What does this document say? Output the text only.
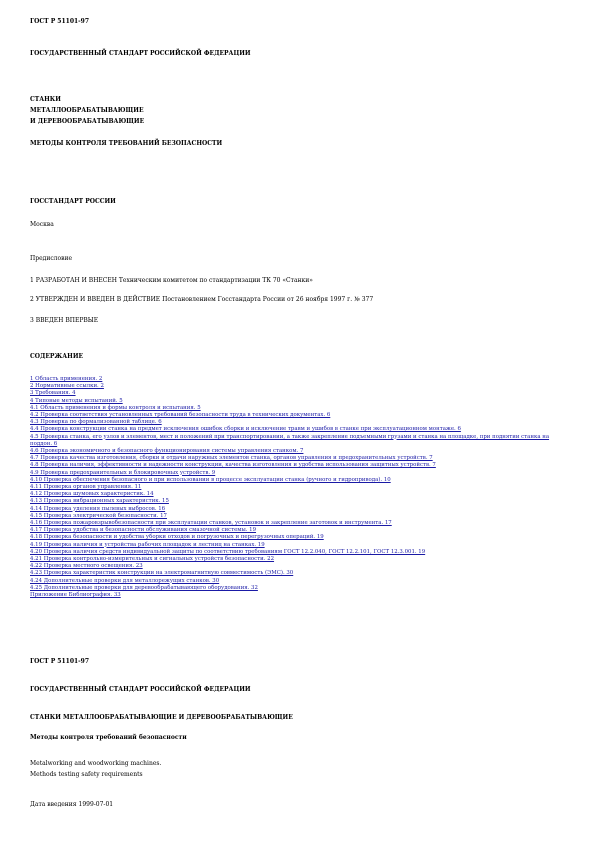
ГОСТ Р 51101-97

ГОСУДАРСТВЕННЫЙ СТАНДАРТ РОССИЙСКОЙ ФЕДЕРАЦИИ

СТАНКИ

МЕТАЛЛООБРАБАТЫВАЮЩИЕ

И ДЕРЕВООБРАБАТЫВАЮЩИЕ

МЕТОДЫ КОНТРОЛЯ ТРЕБОВАНИЙ БЕЗОПАСНОСТИ

ГОССТАНДАРТ РОССИИ

Москва

Предисловие

1 РАЗРАБОТАН И ВНЕСЕН Техническим комитетом по стандартизации ТК 70 «Станки»

2 УТВЕРЖДЕН И ВВЕДЕН В ДЕЙСТВИЕ Постановлением Госстандарта России от 26 ноября 1997 г. № 377

3 ВВЕДЕН ВПЕРВЫЕ

СОДЕРЖАНИЕ

1 Область применения. 2
2 Нормативные ссылки. 2
3 Требования. 4
4 Типовые методы испытаний. 5
4.1 Область применения и формы контроля и испытания. 5
4.2 Проверка соответствия установленных требований безопасности труда в технических документах. 6
4.3 Проверка по формализованной таблице. 6
4.4 Проверка конструкции станка на предмет исключения ошибок сборки и исключение травм и ушибов в станке при эксплуатационном монтаже. 6
4.5 Проверка станка, его узлов и элементов, мест и положений при транспортировании, а также закрепление подъемными грузами и станка на площадке, при поднятии станка на поддон. 6
4.6 Проверка экономичного и безопасного функционирования системы управления станком. 7
4.7 Проверка качества изготовления, сборки и отдачи наружных элементов станка, органов управления и предохранительных устройств. 7
4.8 Проверка наличия, эффективности и надежности конструкции, качества изготовления и удобства использования защитных устройств. 7
4.9 Проверка предохранительных и блокировочных устройств. 9
4.10 Проверка обеспечения безопасного и при использовании в процессе эксплуатации станка (ручного и гидропривода). 10
4.11 Проверка органов управления. 11
4.12 Проверка шумовых характеристик. 14
4.13 Проверка вибрационных характеристик. 15
4.14 Проверка уделения пылевых выбросов. 16
4.15 Проверка электрической безопасности. 17
4.16 Проверка пожаровзрывобезопасности при эксплуатации станков, установок и закрепление заготовок и инструмента. 17
4.17 Проверка удобства и безопасности обслуживания смазочной системы. 19
4.18 Проверка безопасности и удобства уборки отходов и погрузочных и перегрузочных операций. 19
4.19 Проверка наличия и устройства рабочих площадок и лестниц на станках. 19
4.20 Проверка наличия средств индивидуальной защиты по соответствию требованиям ГОСТ 12.2.040, ГОСТ 12.2.101, ГОСТ 12.3.001. 19
4.21 Проверка контрольно-измерительных и сигнальных устройств безопасности. 22
4.22 Проверка местного освещения. 23
4.23 Проверка характеристик конструкции на электромагнитную совместимость (ЭМС). 30
4.24 Дополнительные проверки для металлорежущих станков. 30
4.25 Дополнительные проверки для деревообрабатывающего оборудования. 32
Приложение Библиография. 33

ГОСТ Р 51101-97

ГОСУДАРСТВЕННЫЙ СТАНДАРТ РОССИЙСКОЙ ФЕДЕРАЦИИ

СТАНКИ МЕТАЛЛООБРАБАТЫВАЮЩИЕ И ДЕРЕВООБРАБАТЫВАЮЩИЕ

Методы контроля требований безопасности

Metalworking and woodworking machines.

Methods testing safety requirements

Дата введения 1999-07-01
